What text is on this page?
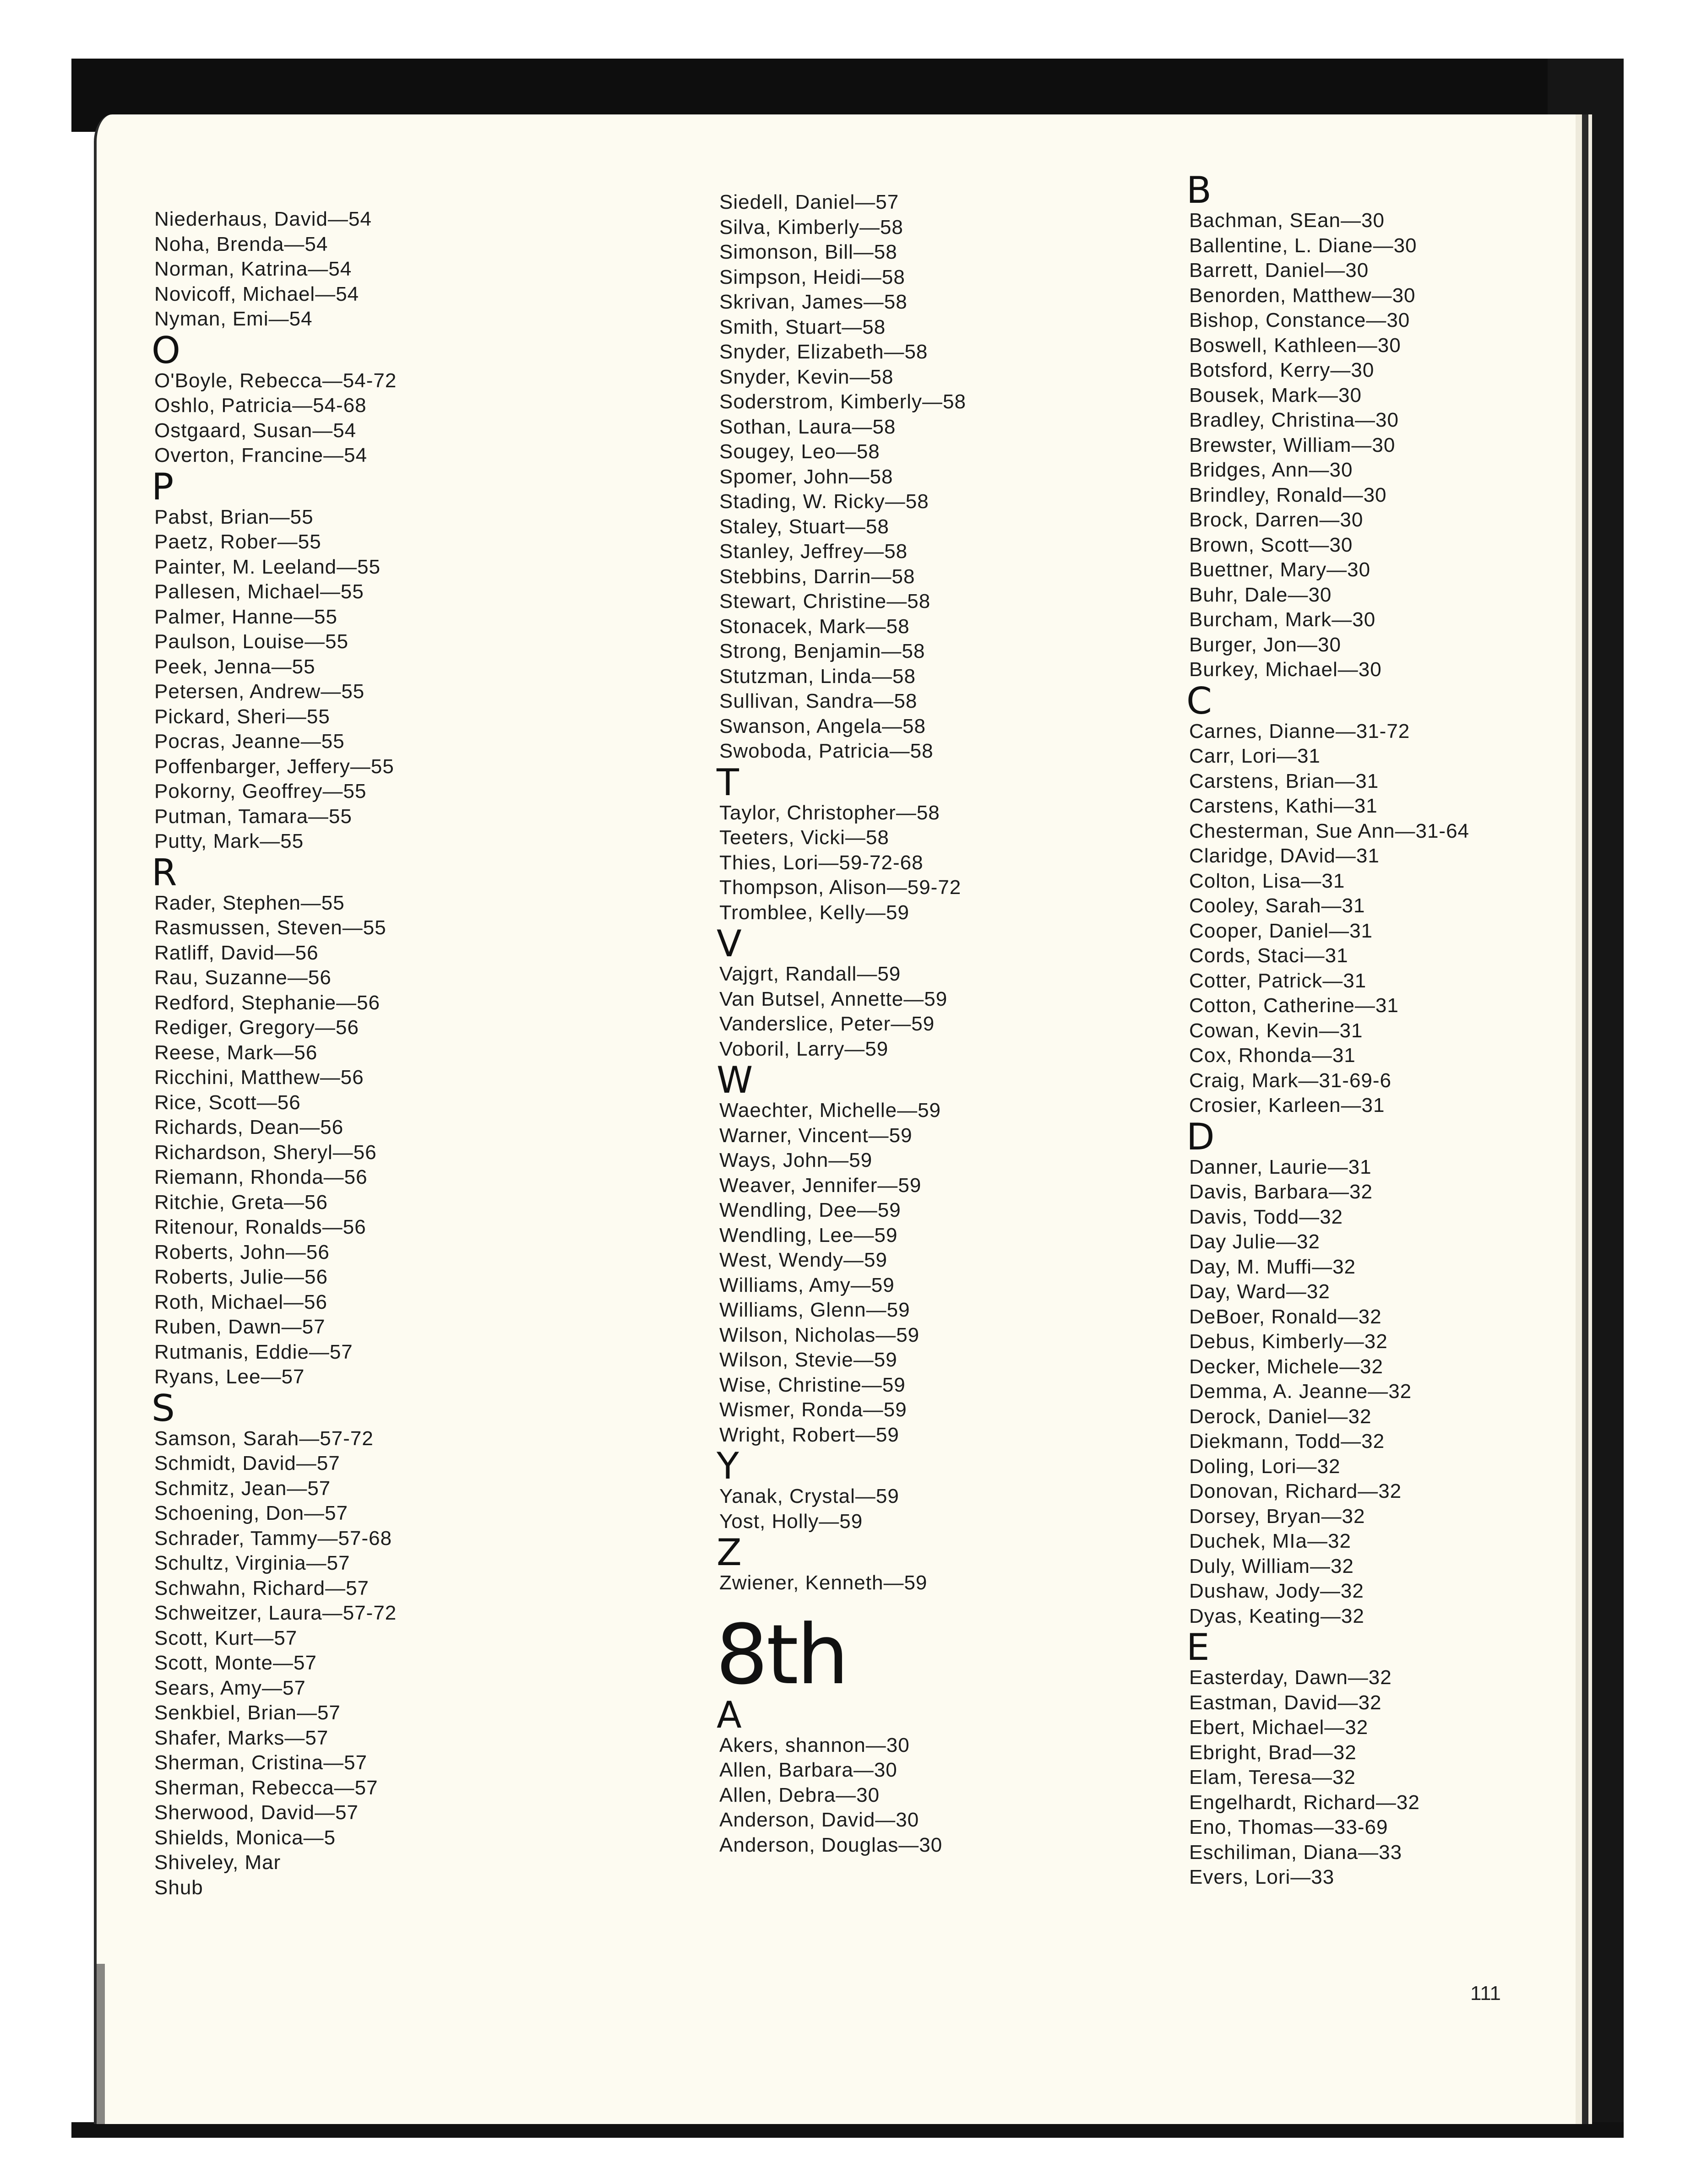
Niederhaus, David—54
Noha, Brenda—54
Norman, Katrina—54
Novicoff, Michael—54
Nyman, Emi—54
O
O'Boyle, Rebecca—54-72
Oshlo, Patricia—54-68
Ostgaard, Susan—54
Overton, Francine—54
P
Pabst, Brian—55
Paetz, Rober—55
Painter, M. Leeland—55
Pallesen, Michael—55
Palmer, Hanne—55
Paulson, Louise—55
Peek, Jenna—55
Petersen, Andrew—55
Pickard, Sheri—55
Pocras, Jeanne—55
Poffenbarger, Jeffery—55
Pokorny, Geoffrey—55
Putman, Tamara—55
Putty, Mark—55
R
Rader, Stephen—55
Rasmussen, Steven—55
Ratliff, David—56
Rau, Suzanne—56
Redford, Stephanie—56
Rediger, Gregory—56
Reese, Mark—56
Ricchini, Matthew—56
Rice, Scott—56
Richards, Dean—56
Richardson, Sheryl—56
Riemann, Rhonda—56
Ritchie, Greta—56
Ritenour, Ronalds—56
Roberts, John—56
Roberts, Julie—56
Roth, Michael—56
Ruben, Dawn—57
Rutmanis, Eddie—57
Ryans, Lee—57
S
Samson, Sarah—57-72
Schmidt, David—57
Schmitz, Jean—57
Schoening, Don—57
Schrader, Tammy—57-68
Schultz, Virginia—57
Schwahn, Richard—57
Schweitzer, Laura—57-72
Scott, Kurt—57
Scott, Monte—57
Sears, Amy—57
Senkbiel, Brian—57
Shafer, Marks—57
Sherman, Cristina—57
Sherman, Rebecca—57
Sherwood, David—57
Shields, Monica—5
Shiveley, Mar
Shub
Siedell, Daniel—57
Silva, Kimberly—58
Simonson, Bill—58
Simpson, Heidi—58
Skrivan, James—58
Smith, Stuart—58
Snyder, Elizabeth—58
Snyder, Kevin—58
Soderstrom, Kimberly—58
Sothan, Laura—58
Sougey, Leo—58
Spomer, John—58
Stading, W. Ricky—58
Staley, Stuart—58
Stanley, Jeffrey—58
Stebbins, Darrin—58
Stewart, Christine—58
Stonacek, Mark—58
Strong, Benjamin—58
Stutzman, Linda—58
Sullivan, Sandra—58
Swanson, Angela—58
Swoboda, Patricia—58
T
Taylor, Christopher—58
Teeters, Vicki—58
Thies, Lori—59-72-68
Thompson, Alison—59-72
Tromblee, Kelly—59
V
Vajgrt, Randall—59
Van Butsel, Annette—59
Vanderslice, Peter—59
Voboril, Larry—59
W
Waechter, Michelle—59
Warner, Vincent—59
Ways, John—59
Weaver, Jennifer—59
Wendling, Dee—59
Wendling, Lee—59
West, Wendy—59
Williams, Amy—59
Williams, Glenn—59
Wilson, Nicholas—59
Wilson, Stevie—59
Wise, Christine—59
Wismer, Ronda—59
Wright, Robert—59
Y
Yanak, Crystal—59
Yost, Holly—59
Z
Zwiener, Kenneth—59
8th
A
Akers, shannon—30
Allen, Barbara—30
Allen, Debra—30
Anderson, David—30
Anderson, Douglas—30
B
Bachman, SEan—30
Ballentine, L. Diane—30
Barrett, Daniel—30
Benorden, Matthew—30
Bishop, Constance—30
Boswell, Kathleen—30
Botsford, Kerry—30
Bousek, Mark—30
Bradley, Christina—30
Brewster, William—30
Bridges, Ann—30
Brindley, Ronald—30
Brock, Darren—30
Brown, Scott—30
Buettner, Mary—30
Buhr, Dale—30
Burcham, Mark—30
Burger, Jon—30
Burkey, Michael—30
C
Carnes, Dianne—31-72
Carr, Lori—31
Carstens, Brian—31
Carstens, Kathi—31
Chesterman, Sue Ann—31-64
Claridge, DAvid—31
Colton, Lisa—31
Cooley, Sarah—31
Cooper, Daniel—31
Cords, Staci—31
Cotter, Patrick—31
Cotton, Catherine—31
Cowan, Kevin—31
Cox, Rhonda—31
Craig, Mark—31-69-6
Crosier, Karleen—31
D
Danner, Laurie—31
Davis, Barbara—32
Davis, Todd—32
Day Julie—32
Day, M. Muffi—32
Day, Ward—32
DeBoer, Ronald—32
Debus, Kimberly—32
Decker, Michele—32
Demma, A. Jeanne—32
Derock, Daniel—32
Diekmann, Todd—32
Doling, Lori—32
Donovan, Richard—32
Dorsey, Bryan—32
Duchek, MIa—32
Duly, William—32
Dushaw, Jody—32
Dyas, Keating—32
E
Easterday, Dawn—32
Eastman, David—32
Ebert, Michael—32
Ebright, Brad—32
Elam, Teresa—32
Engelhardt, Richard—32
Eno, Thomas—33-69
Eschiliman, Diana—33
Evers, Lori—33
111
